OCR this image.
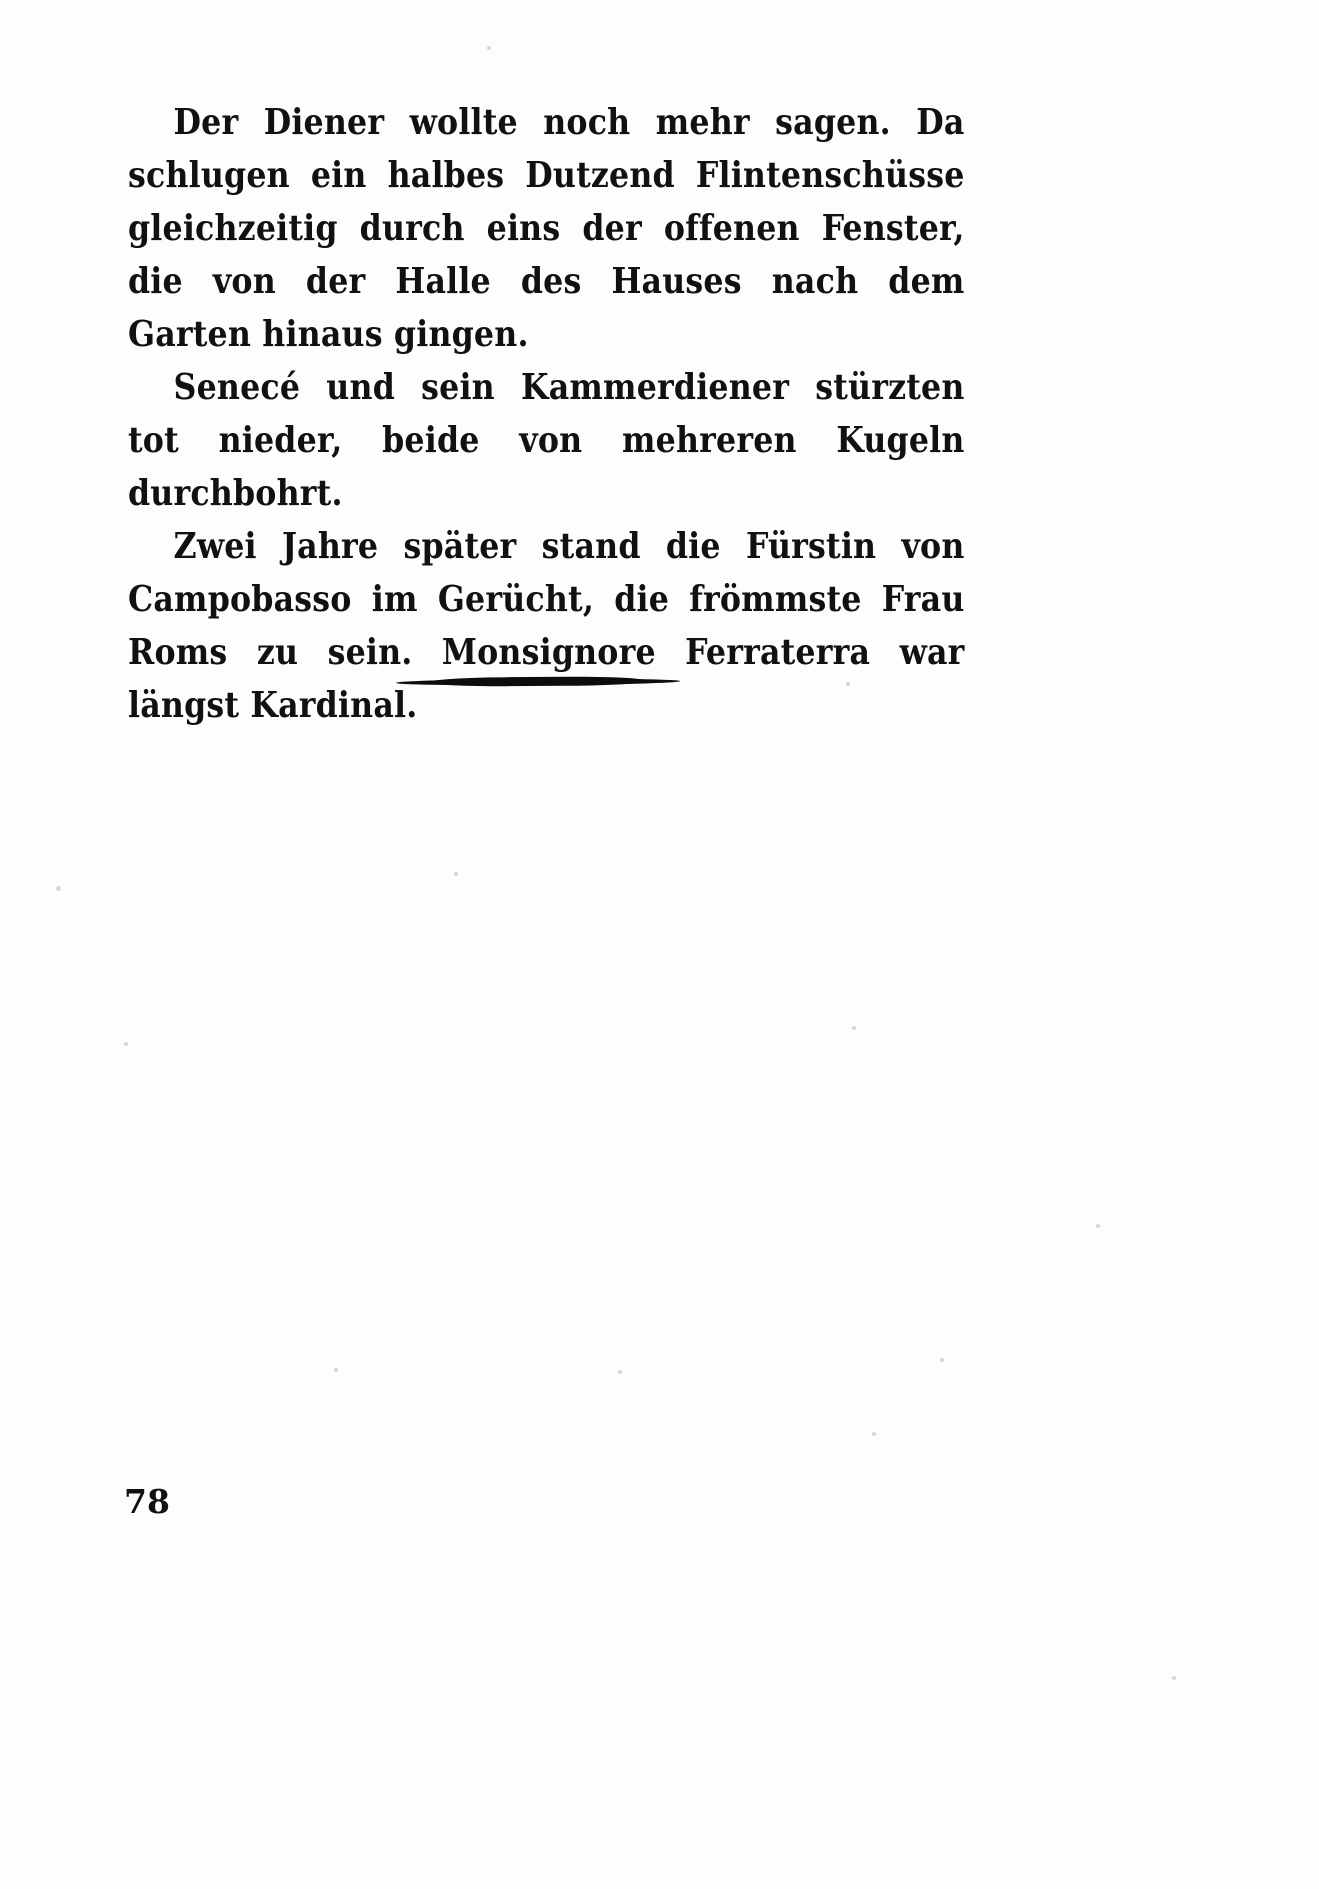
Der Diener wollte noch mehr sagen. Da schlugen ein halbes Dutzend Flintenschüsse gleichzeitig durch eins der offenen Fenster, die von der Halle des Hauses nach dem Garten hinaus gingen.

Senecé und sein Kammerdiener stürzten tot nieder, beide von mehreren Kugeln durchbohrt.

Zwei Jahre später stand die Fürstin von Campobasso im Gerücht, die frömmste Frau Roms zu sein. Monsignore Ferraterra war längst Kardinal.

78
